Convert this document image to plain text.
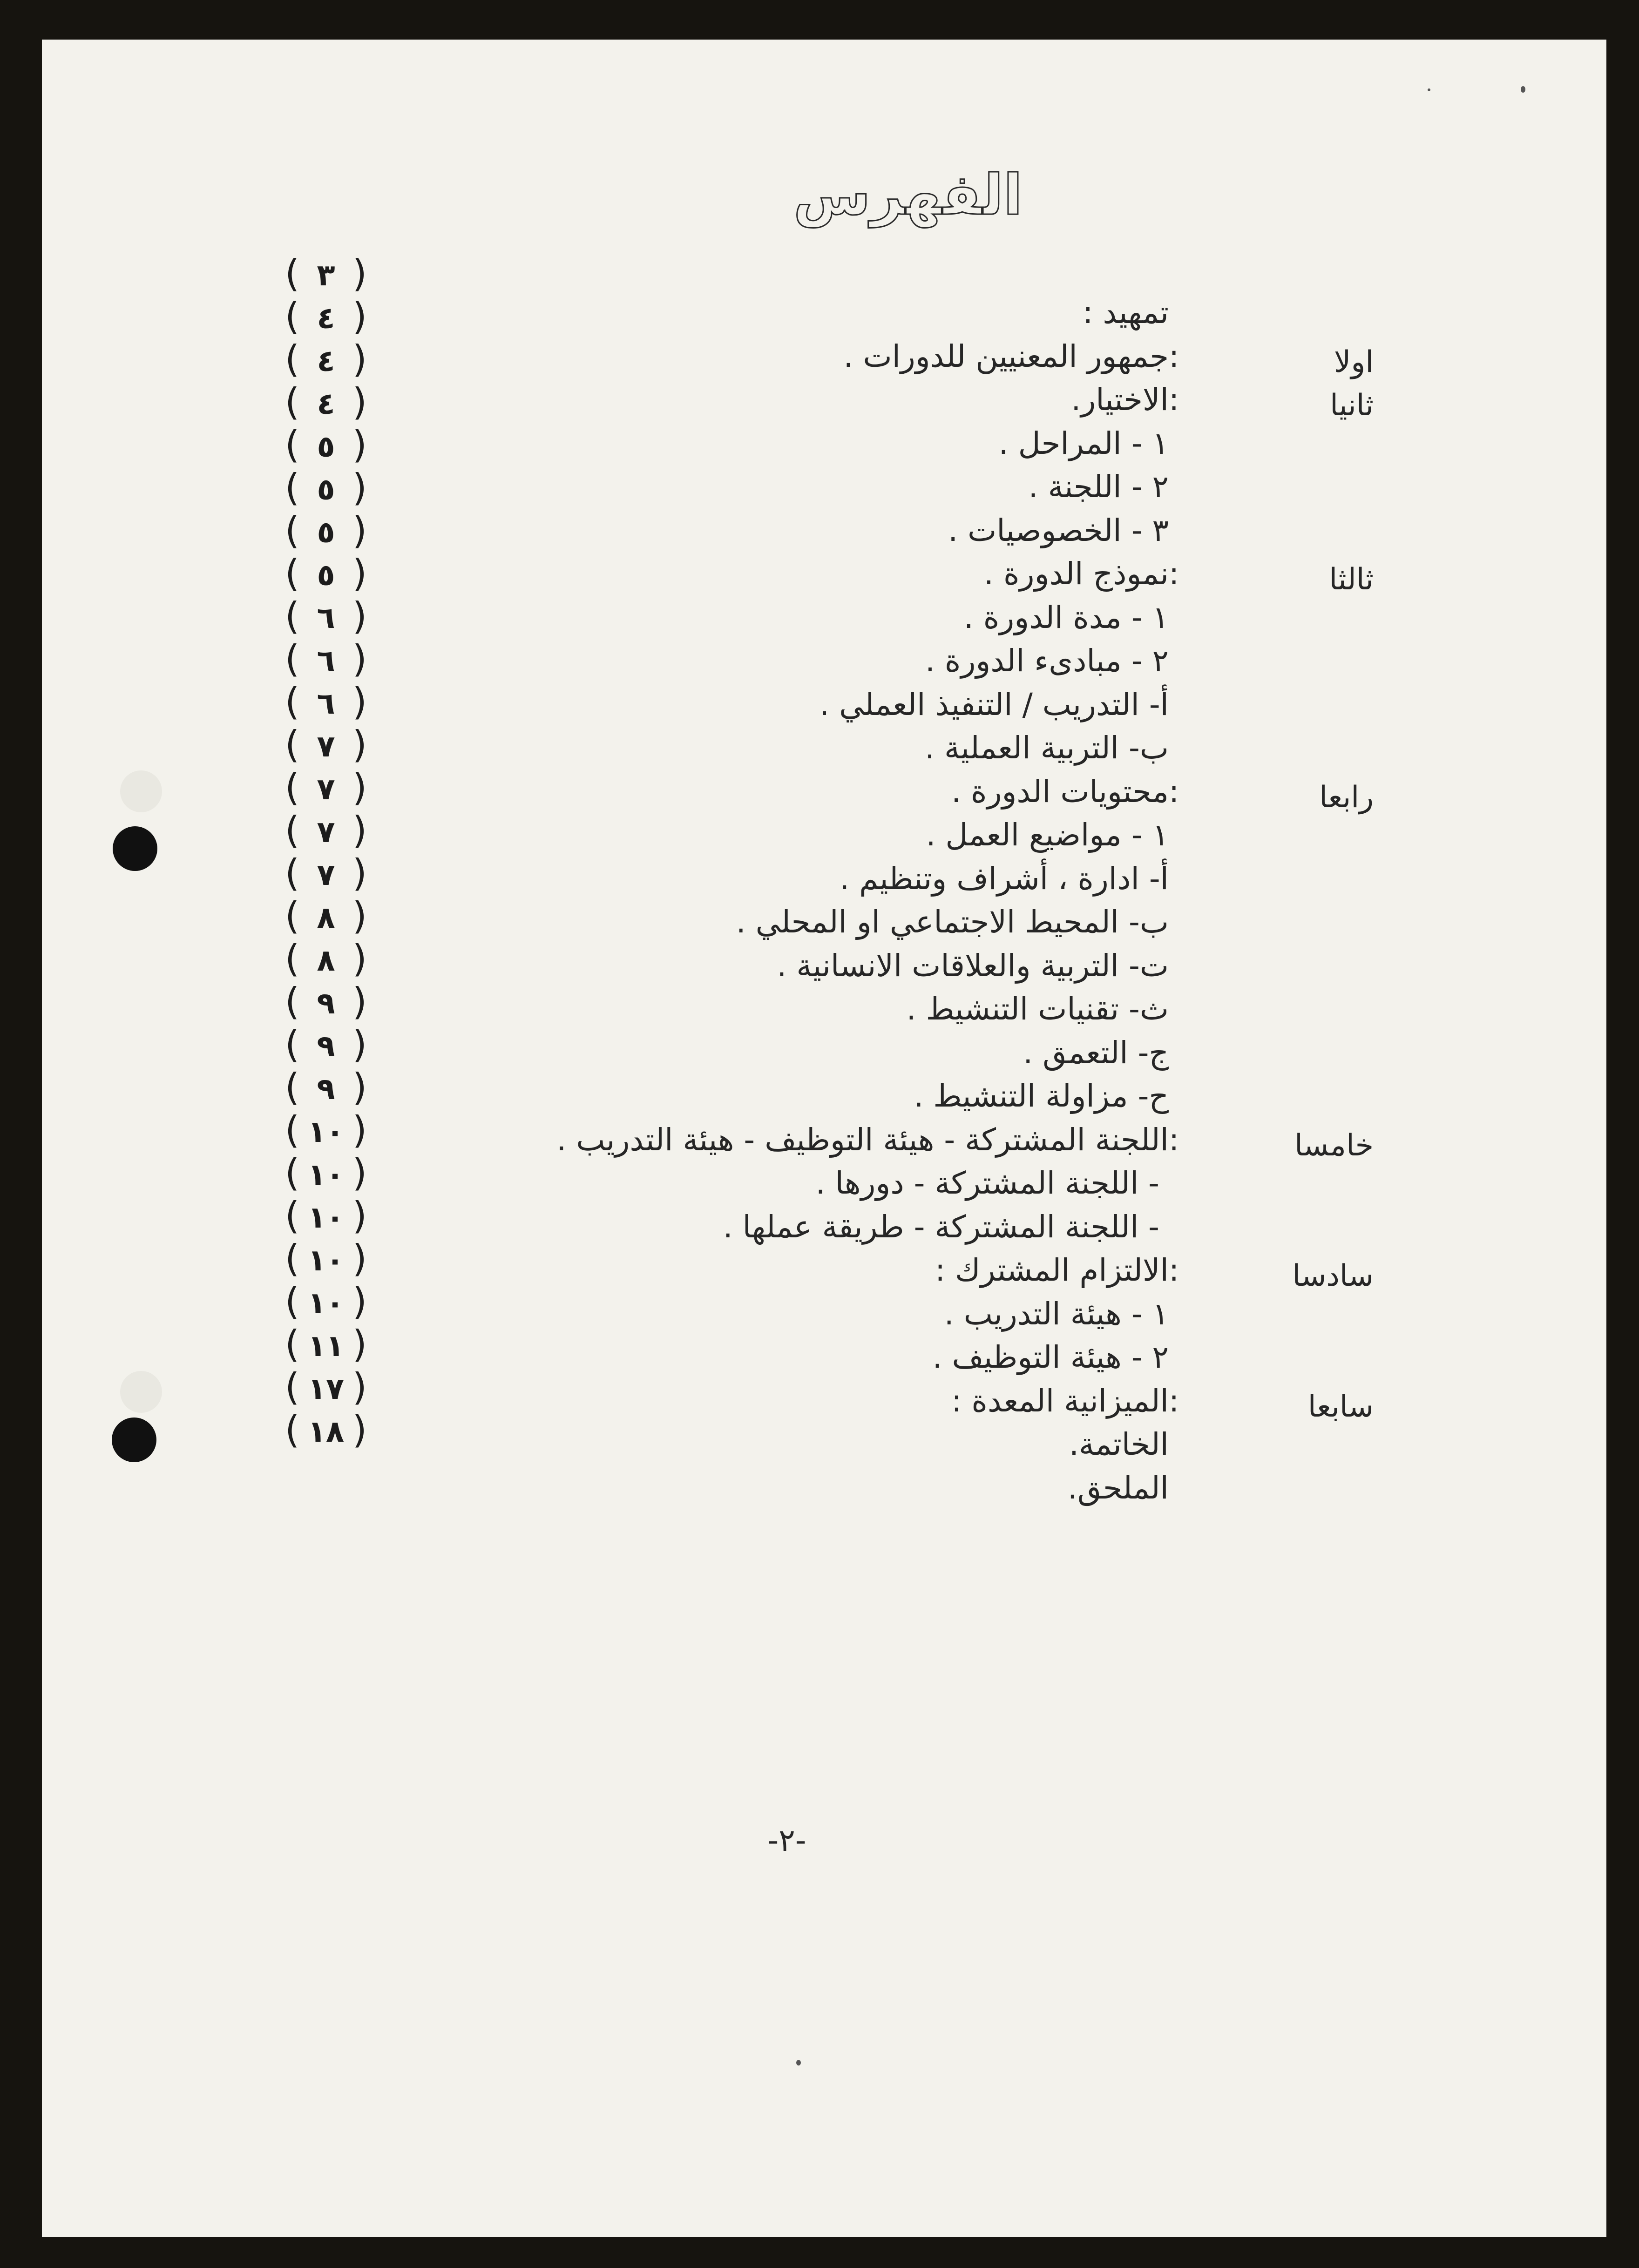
الفهرس
تمهيد :
اولا
:
جمهور المعنيين للدورات .
ثانيا
:
الاختيار.
١ - المراحل .
٢ - اللجنة .
٣ - الخصوصيات .
ثالثا
:
نموذج الدورة .
١ - مدة الدورة .
٢ - مبادىء الدورة .
أ- التدريب / التنفيذ العملي .
ب- التربية العملية .
رابعا
:
محتويات الدورة .
١ - مواضيع العمل .
أ- ادارة ، أشراف وتنظيم .
ب- المحيط الاجتماعي او المحلي .
ت- التربية والعلاقات الانسانية .
ث- تقنيات التنشيط .
ج- التعمق .
ح- مزاولة التنشيط .
خامسا
:
اللجنة المشتركة - هيئة التوظيف - هيئة التدريب .
- اللجنة المشتركة - دورها .
- اللجنة المشتركة - طريقة عملها .
سادسا
:
الالتزام المشترك :
١ - هيئة التدريب .
٢ - هيئة التوظيف .
سابعا
:
الميزانية المعدة :
الخاتمة.
الملحق.
( ٣ )
( ٤ )
( ٤ )
( ٤ )
( ٥ )
( ٥ )
( ٥ )
( ٥ )
( ٦ )
( ٦ )
( ٦ )
( ٧ )
( ٧ )
( ٧ )
( ٧ )
( ٨ )
( ٨ )
( ٩ )
( ٩ )
( ٩ )
( ١٠ )
( ١٠ )
( ١٠ )
( ١٠ )
( ١٠ )
( ١١ )
( ١٧ )
( ١٨ )
-٢-
